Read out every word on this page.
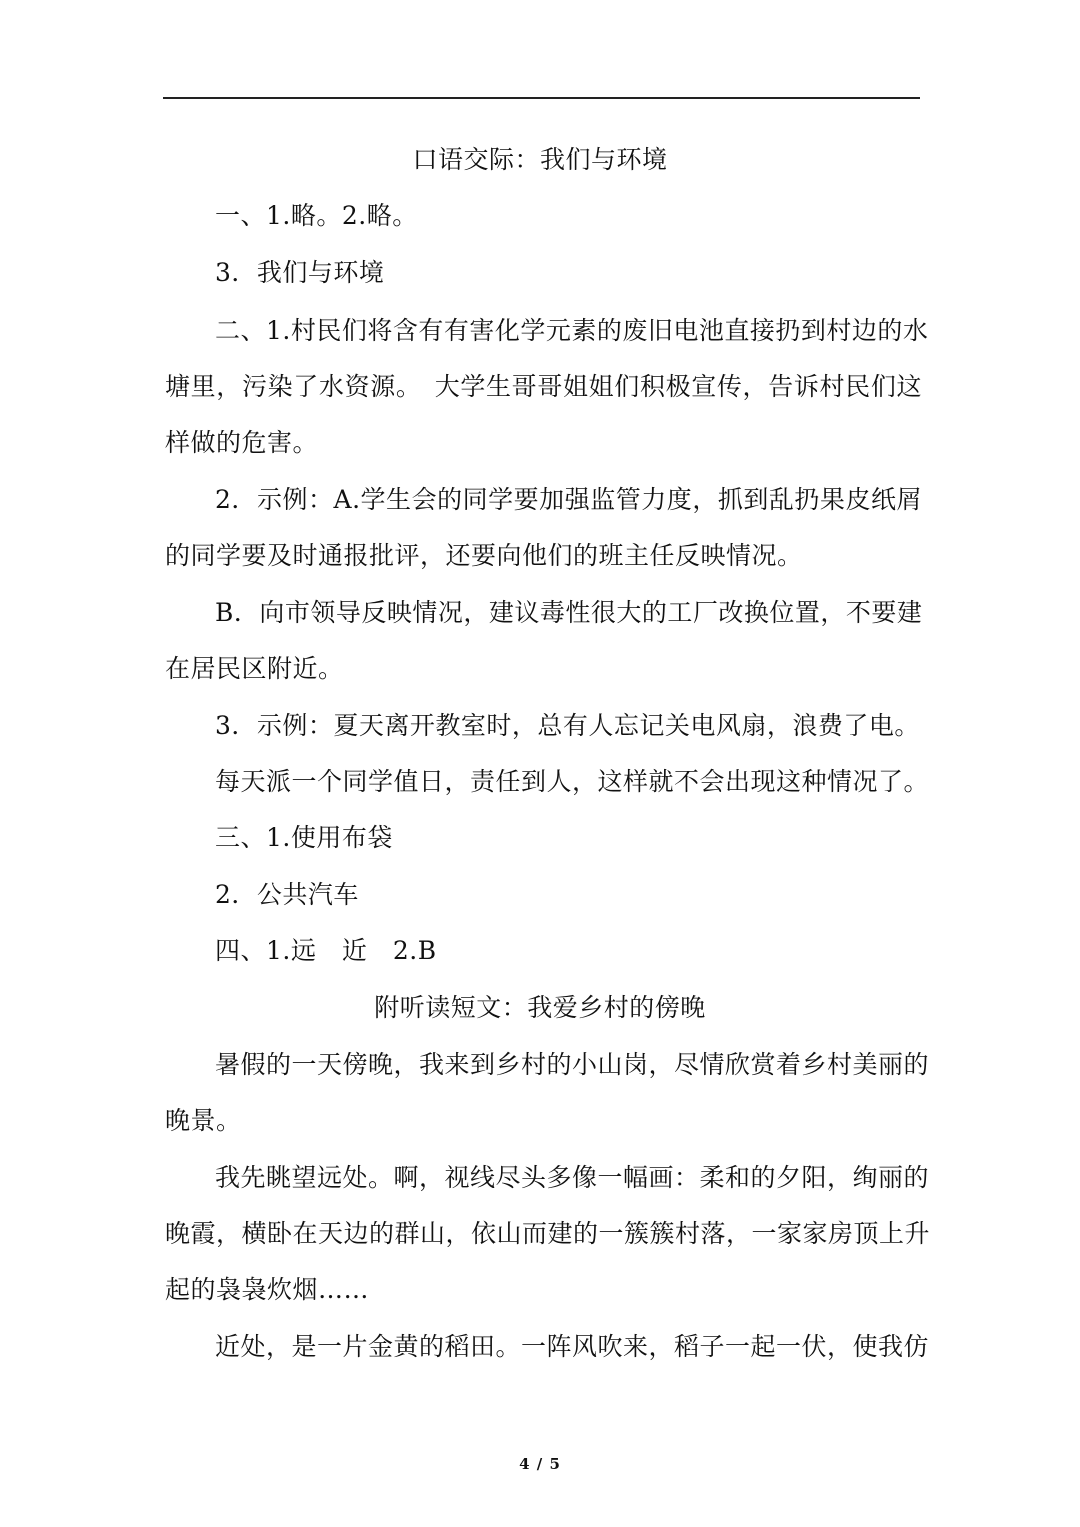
口语交际：我们与环境
一、1.略。2.略。
3．我们与环境
二、1.村民们将含有有害化学元素的废旧电池直接扔到村边的水
塘里，污染了水资源。　大学生哥哥姐姐们积极宣传，告诉村民们这
样做的危害。
2．示例：A.学生会的同学要加强监管力度，抓到乱扔果皮纸屑
的同学要及时通报批评，还要向他们的班主任反映情况。
B．向市领导反映情况，建议毒性很大的工厂改换位置，不要建
在居民区附近。
3．示例：夏天离开教室时，总有人忘记关电风扇，浪费了电。
每天派一个同学值日，责任到人，这样就不会出现这种情况了。
三、1.使用布袋
2．公共汽车
四、1.远　近　2.B
附听读短文：我爱乡村的傍晚
暑假的一天傍晚，我来到乡村的小山岗，尽情欣赏着乡村美丽的
晚景。
我先眺望远处。啊，视线尽头多像一幅画：柔和的夕阳，绚丽的
晚霞，横卧在天边的群山，依山而建的一簇簇村落，一家家房顶上升
起的袅袅炊烟……
近处，是一片金黄的稻田。一阵风吹来，稻子一起一伏，使我仿
4 / 5
